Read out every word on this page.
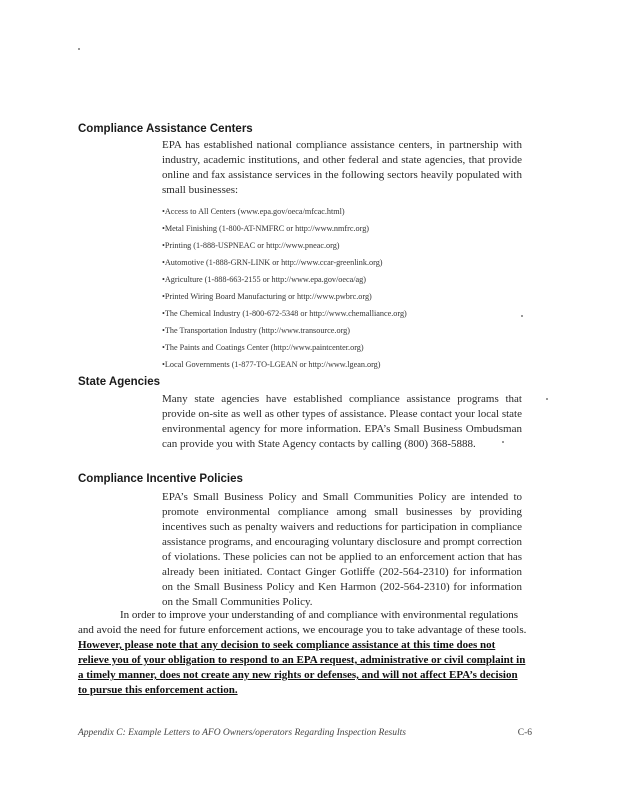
Compliance Assistance Centers
EPA has established national compliance assistance centers, in partnership with industry, academic institutions, and other federal and state agencies, that provide online and fax assistance services in the following sectors heavily populated with small businesses:
•Access to All Centers (www.epa.gov/oeca/mfcac.html)
•Metal Finishing (1-800-AT-NMFRC or http://www.nmfrc.org)
•Printing (1-888-USPNEAC or http://www.pneac.org)
•Automotive (1-888-GRN-LINK or http://www.ccar-greenlink.org)
•Agriculture (1-888-663-2155 or http://www.epa.gov/oeca/ag)
•Printed Wiring Board Manufacturing or http://www.pwbrc.org)
•The Chemical Industry (1-800-672-5348 or http://www.chemalliance.org)
•The Transportation Industry (http://www.transource.org)
•The Paints and Coatings Center (http://www.paintcenter.org)
•Local Governments (1-877-TO-LGEAN or http://www.lgean.org)
State Agencies
Many state agencies have established compliance assistance programs that provide on-site as well as other types of assistance. Please contact your local state environmental agency for more information. EPA’s Small Business Ombudsman can provide you with State Agency contacts by calling (800) 368-5888.
Compliance Incentive Policies
EPA’s Small Business Policy and Small Communities Policy are intended to promote environmental compliance among small businesses by providing incentives such as penalty waivers and reductions for participation in compliance assistance programs, and encouraging voluntary disclosure and prompt correction of violations. These policies can not be applied to an enforcement action that has already been initiated. Contact Ginger Gotliffe (202-564-2310) for information on the Small Business Policy and Ken Harmon (202-564-2310) for information on the Small Communities Policy.
In order to improve your understanding of and compliance with environmental regulations and avoid the need for future enforcement actions, we encourage you to take advantage of these tools. However, please note that any decision to seek compliance assistance at this time does not relieve you of your obligation to respond to an EPA request, administrative or civil complaint in a timely manner, does not create any new rights or defenses, and will not affect EPA’s decision to pursue this enforcement action.
Appendix C: Example Letters to AFO Owners/operators Regarding Inspection Results	C-6
